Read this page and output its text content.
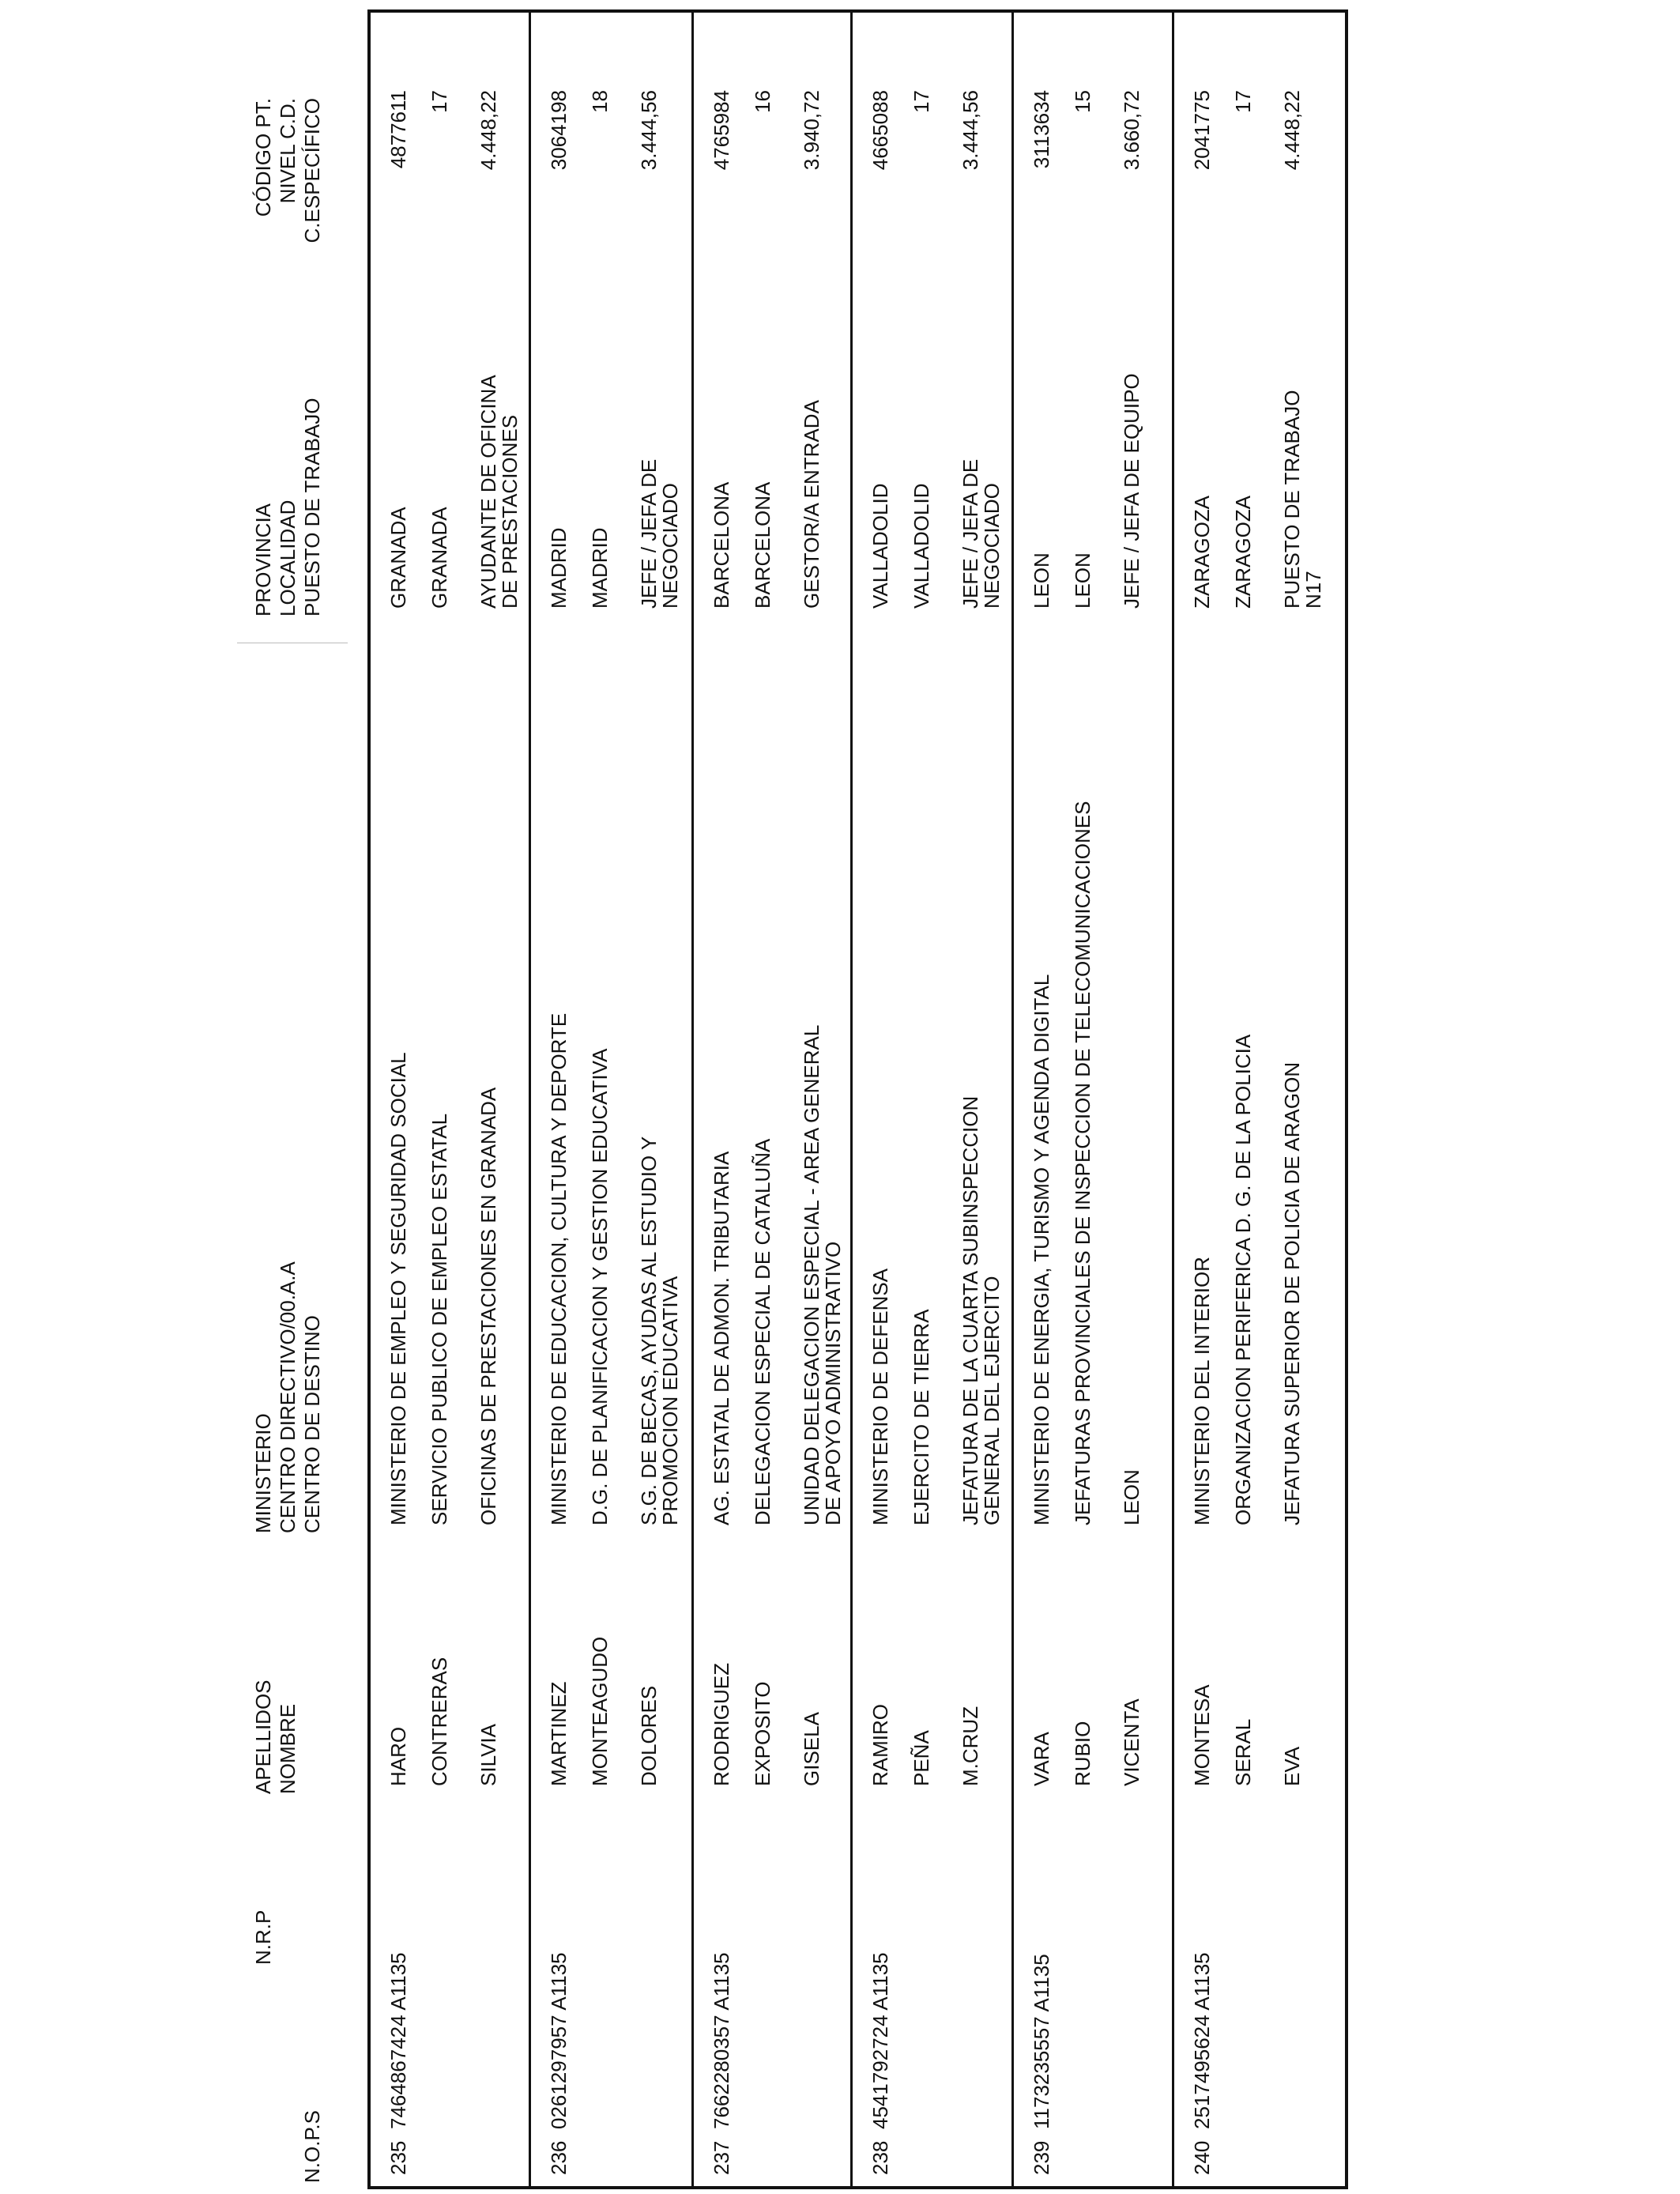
N.O.P.S
N.R.P
APELLIDOS NOMBRE
MINISTERIO CENTRO DIRECTIVO/00.A.A CENTRO DE DESTINO
PROVINCIA LOCALIDAD PUESTO DE TRABAJO
CÓDIGO PT. NIVEL C.D. C.ESPECÍFICO
235
7464867424 A1135
HARO CONTRERAS SILVIA
MINISTERIO DE EMPLEO Y SEGURIDAD SOCIAL SERVICIO PUBLICO DE EMPLEO ESTATAL OFICINAS DE PRESTACIONES EN GRANADA
GRANADA GRANADA AYUDANTE DE OFICINA DE PRESTACIONES
4877611 17 4.448,22
236
0261297957 A1135
MARTINEZ MONTEAGUDO DOLORES
MINISTERIO DE EDUCACION, CULTURA Y DEPORTE D.G. DE PLANIFICACION Y GESTION EDUCATIVA S.G. DE BECAS, AYUDAS AL ESTUDIO Y PROMOCION EDUCATIVA
MADRID MADRID JEFE / JEFA DE NEGOCIADO
3064198 18 3.444,56
237
7662280357 A1135
RODRIGUEZ EXPOSITO GISELA
AG. ESTATAL DE ADMON. TRIBUTARIA DELEGACION ESPECIAL DE CATALUÑA UNIDAD DELEGACION ESPECIAL - AREA GENERAL DE APOYO ADMINISTRATIVO
BARCELONA BARCELONA GESTOR/A ENTRADA
4765984 16 3.940,72
238
4541792724 A1135
RAMIRO PEÑA M.CRUZ
MINISTERIO DE DEFENSA EJERCITO DE TIERRA JEFATURA DE LA CUARTA SUBINSPECCION GENERAL DEL EJERCITO
VALLADOLID VALLADOLID JEFE / JEFA DE NEGOCIADO
4665088 17 3.444,56
239
1173235557 A1135
VARA RUBIO VICENTA
MINISTERIO DE ENERGIA, TURISMO Y AGENDA DIGITAL JEFATURAS PROVINCIALES DE INSPECCION DE TELECOMUNICACIONES LEON
LEON LEON JEFE / JEFA DE EQUIPO
3113634 15 3.660,72
240
2517495624 A1135
MONTESA SERAL EVA
MINISTERIO DEL INTERIOR ORGANIZACION PERIFERICA D. G. DE LA POLICIA JEFATURA SUPERIOR DE POLICIA DE ARAGON
ZARAGOZA ZARAGOZA PUESTO DE TRABAJO N17
2041775 17 4.448,22
